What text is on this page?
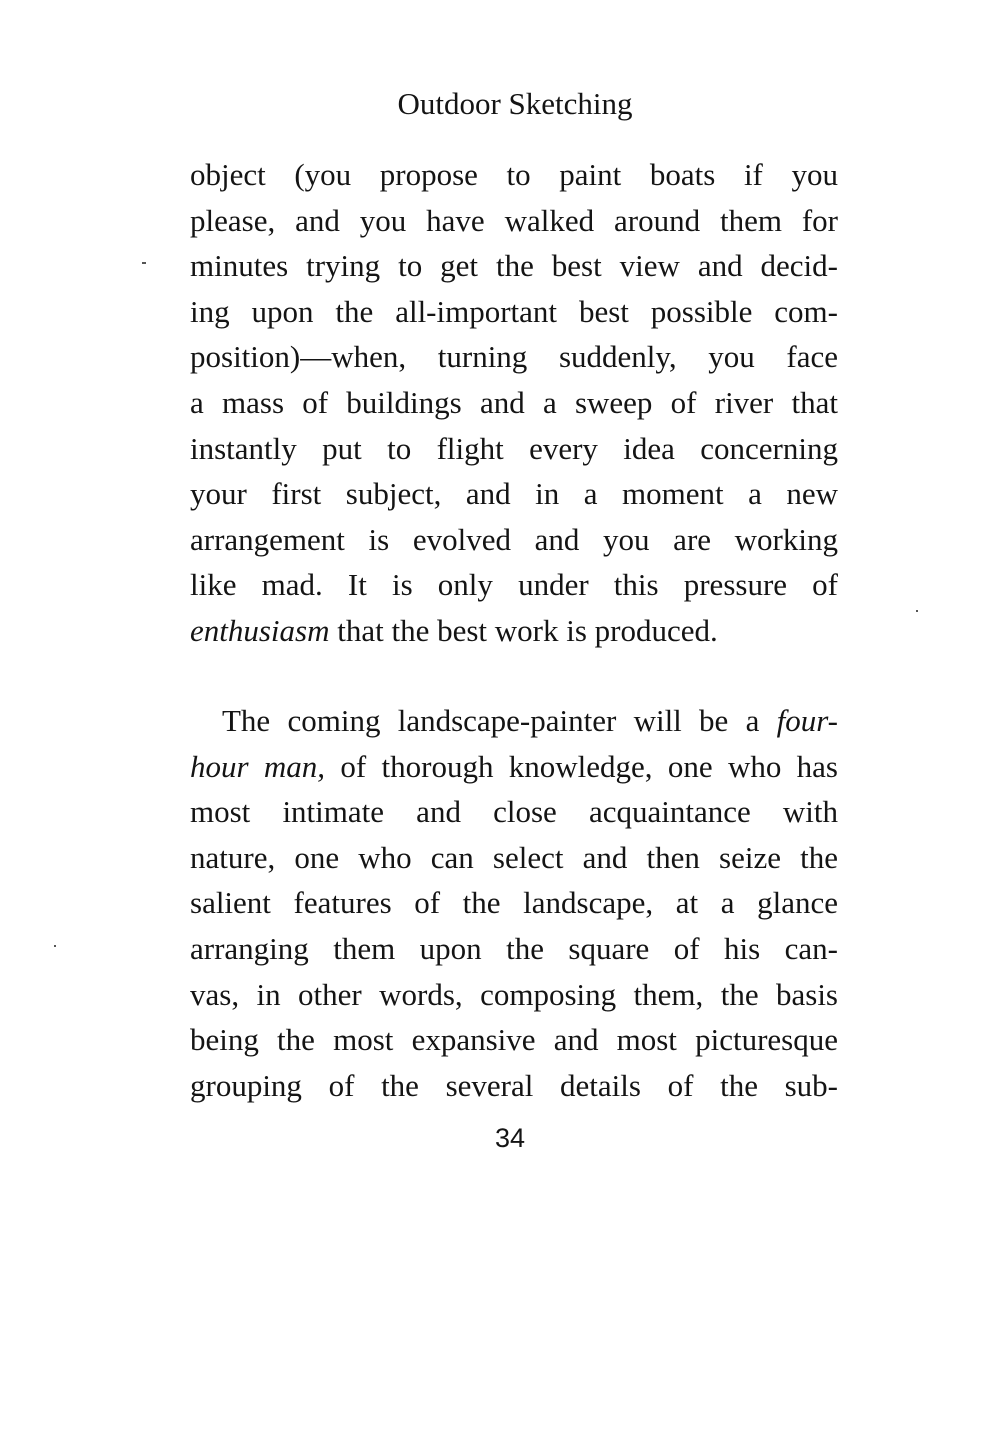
Outdoor Sketching
object (you propose to paint boats if you
please, and you have walked around them for
minutes trying to get the best view and decid-
ing upon the all-important best possible com-
position)—when, turning suddenly, you face
a mass of buildings and a sweep of river that
instantly put to flight every idea concerning
your first subject, and in a moment a new
arrangement is evolved and you are working
like mad. It is only under this pressure of
enthusiasm that the best work is produced.
The coming landscape-painter will be a four-
hour man, of thorough knowledge, one who has
most intimate and close acquaintance with
nature, one who can select and then seize the
salient features of the landscape, at a glance
arranging them upon the square of his can-
vas, in other words, composing them, the basis
being the most expansive and most picturesque
grouping of the several details of the sub-
34
